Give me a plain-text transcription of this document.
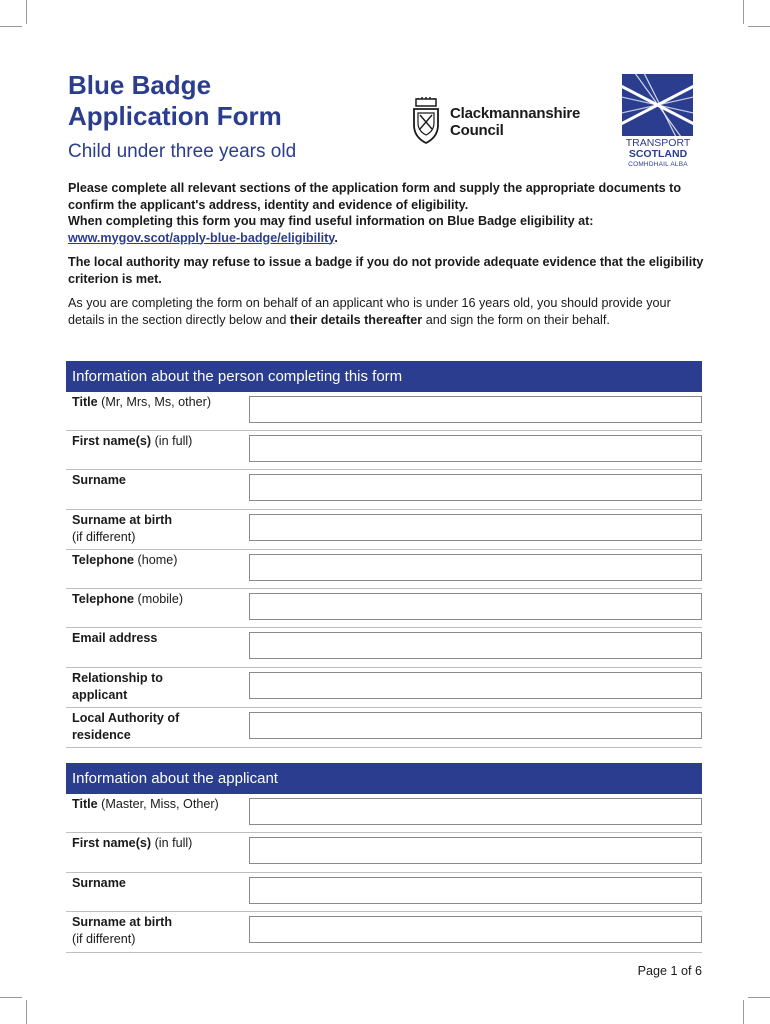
Blue Badge
Application Form
Child under three years old
Clackmannanshire
Council
TRANSPORT
SCOTLAND
COMHDHAIL ALBA
Please complete all relevant sections of the application form and supply the appropriate documents to confirm the applicant's address, identity and evidence of eligibility.
When completing this form you may find useful information on Blue Badge eligibility at:
www.mygov.scot/apply-blue-badge/eligibility.
The local authority may refuse to issue a badge if you do not provide adequate evidence that the eligibility criterion is met.
As you are completing the form on behalf of an applicant who is under 16 years old, you should provide your details in the section directly below and their details thereafter and sign the form on their behalf.
Information about the person completing this form
Title (Mr, Mrs, Ms, other)
First name(s) (in full)
Surname
Surname at birth
(if different)
Telephone (home)
Telephone (mobile)
Email address
Relationship to applicant
Local Authority of residence
Information about the applicant
Title (Master, Miss, Other)
First name(s) (in full)
Surname
Surname at birth
(if different)
Page 1 of 6
